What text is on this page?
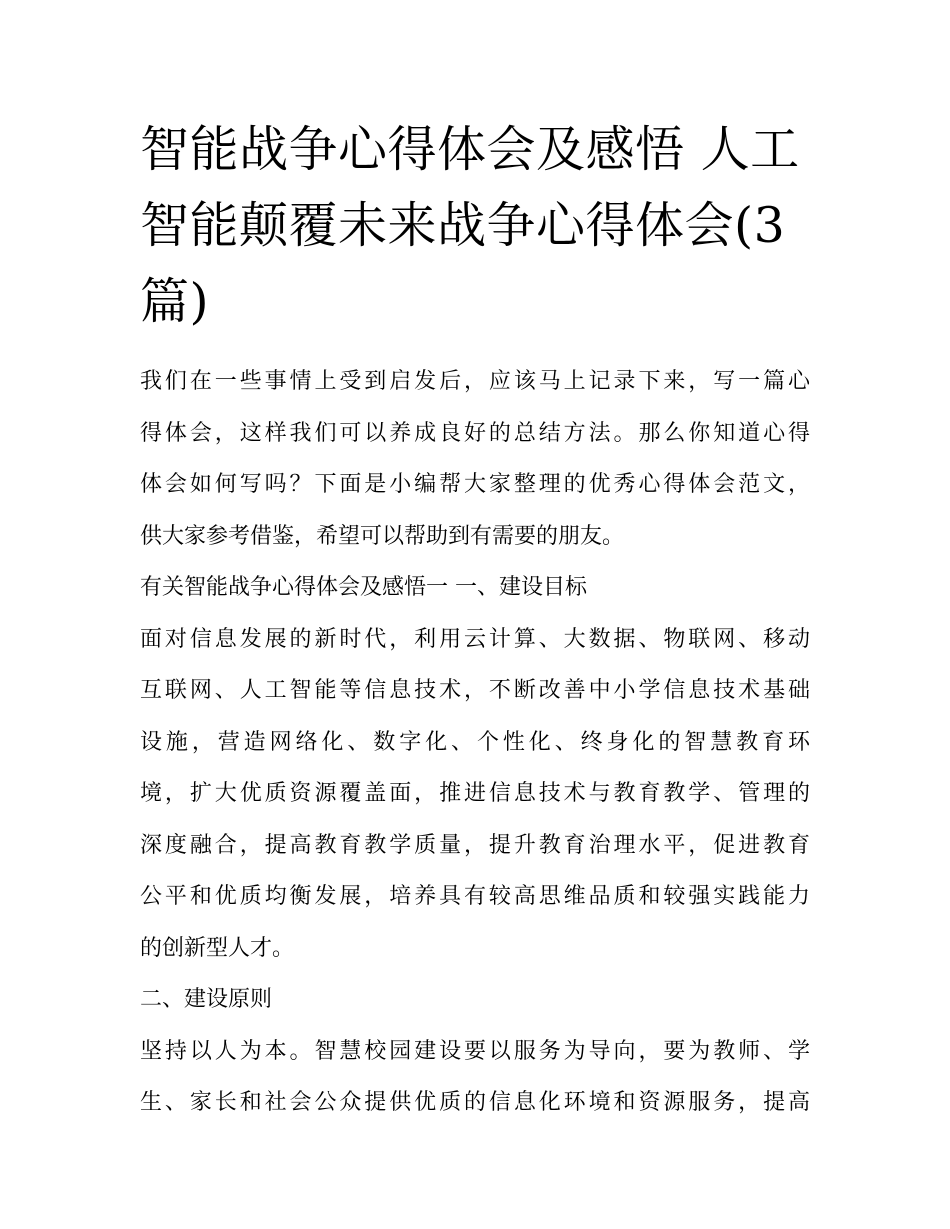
智能战争心得体会及感悟 人工
智能颠覆未来战争心得体会(3
篇)
我们在一些事情上受到启发后，应该马上记录下来，写一篇心
得体会，这样我们可以养成良好的总结方法。那么你知道心得
体会如何写吗？下面是小编帮大家整理的优秀心得体会范文，
供大家参考借鉴，希望可以帮助到有需要的朋友。
有关智能战争心得体会及感悟一 一、建设目标
面对信息发展的新时代，利用云计算、大数据、物联网、移动
互联网、人工智能等信息技术，不断改善中小学信息技术基础
设施，营造网络化、数字化、个性化、终身化的智慧教育环
境，扩大优质资源覆盖面，推进信息技术与教育教学、管理的
深度融合，提高教育教学质量，提升教育治理水平，促进教育
公平和优质均衡发展，培养具有较高思维品质和较强实践能力
的创新型人才。
二、建设原则
坚持以人为本。智慧校园建设要以服务为导向，要为教师、学
生、家长和社会公众提供优质的信息化环境和资源服务，提高
